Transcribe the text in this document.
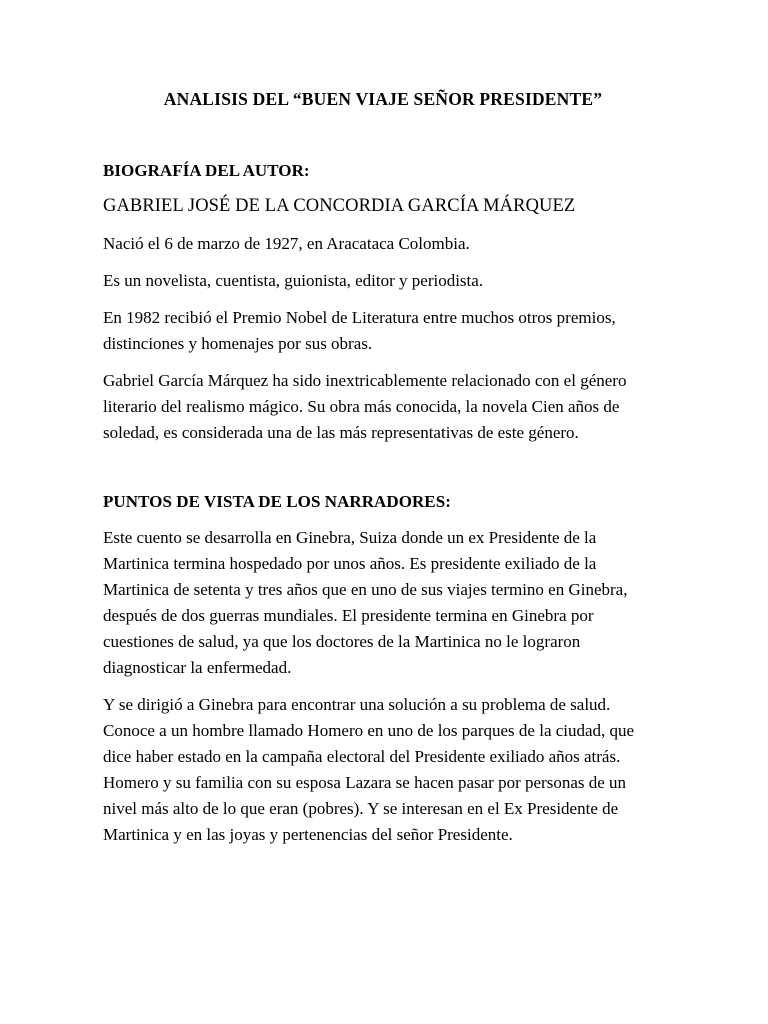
ANALISIS DEL “BUEN VIAJE SEÑOR PRESIDENTE”
BIOGRAFÍA DEL AUTOR:

GABRIEL JOSÉ DE LA CONCORDIA GARCÍA MÁRQUEZ

Nació el 6 de marzo de 1927, en Aracataca Colombia.

Es un novelista, cuentista, guionista, editor y periodista.

En 1982 recibió el Premio Nobel de Literatura entre muchos otros premios, distinciones y homenajes por sus obras.

Gabriel García Márquez ha sido inextricablemente relacionado con el género literario del realismo mágico. Su obra más conocida, la novela Cien años de soledad, es considerada una de las más representativas de este género.

PUNTOS DE VISTA DE LOS NARRADORES:

Este cuento se desarrolla en Ginebra, Suiza donde un ex Presidente de la Martinica termina hospedado por unos años. Es presidente exiliado de la Martinica de setenta y tres años que en uno de sus viajes termino en Ginebra, después de dos guerras mundiales. El presidente termina en Ginebra por cuestiones de salud, ya que los doctores de la Martinica no le lograron diagnosticar la enfermedad.

Y se dirigió a Ginebra para encontrar una solución a su problema de salud. Conoce a un hombre llamado Homero en uno de los parques de la ciudad, que dice haber estado en la campaña electoral del Presidente exiliado años atrás. Homero y su familia con su esposa Lazara se hacen pasar por personas de un nivel más alto de lo que eran (pobres). Y se interesan en el Ex Presidente de Martinica y en las joyas y pertenencias del señor Presidente.
